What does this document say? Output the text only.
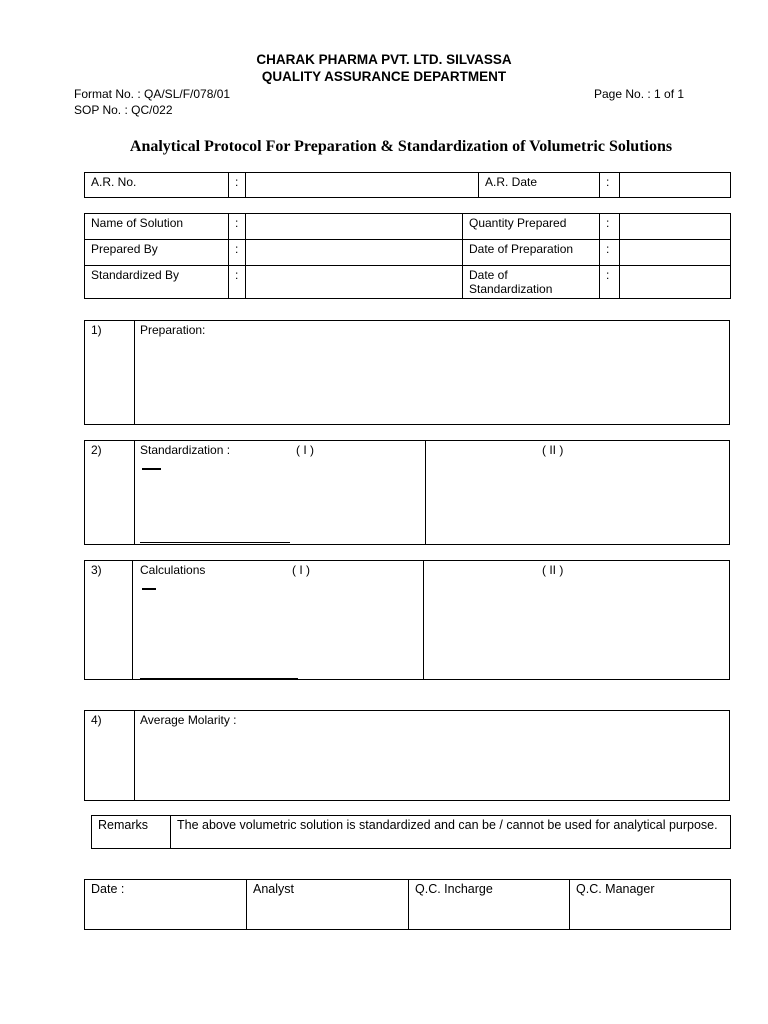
CHARAK PHARMA PVT. LTD. SILVASSA
QUALITY ASSURANCE DEPARTMENT
Format No. : QA/SL/F/078/01
SOP No. : QC/022
Page No. : 1 of 1
Analytical Protocol For Preparation & Standardization of Volumetric Solutions
A.R. No.	:		A.R. Date	:	
Name of Solution	:		Quantity Prepared	:	
Prepared By	:		Date of Preparation	:	
Standardized By	:		Date of Standardization	:	
1)	Preparation:
2)	Standardization :	( I )	( II )
3)	Calculations	( I )	( II )
4)	Average Molarity :
Remarks	The above volumetric solution is standardized and can be / cannot be used for analytical purpose.
Date :	Analyst	Q.C. Incharge	Q.C. Manager
